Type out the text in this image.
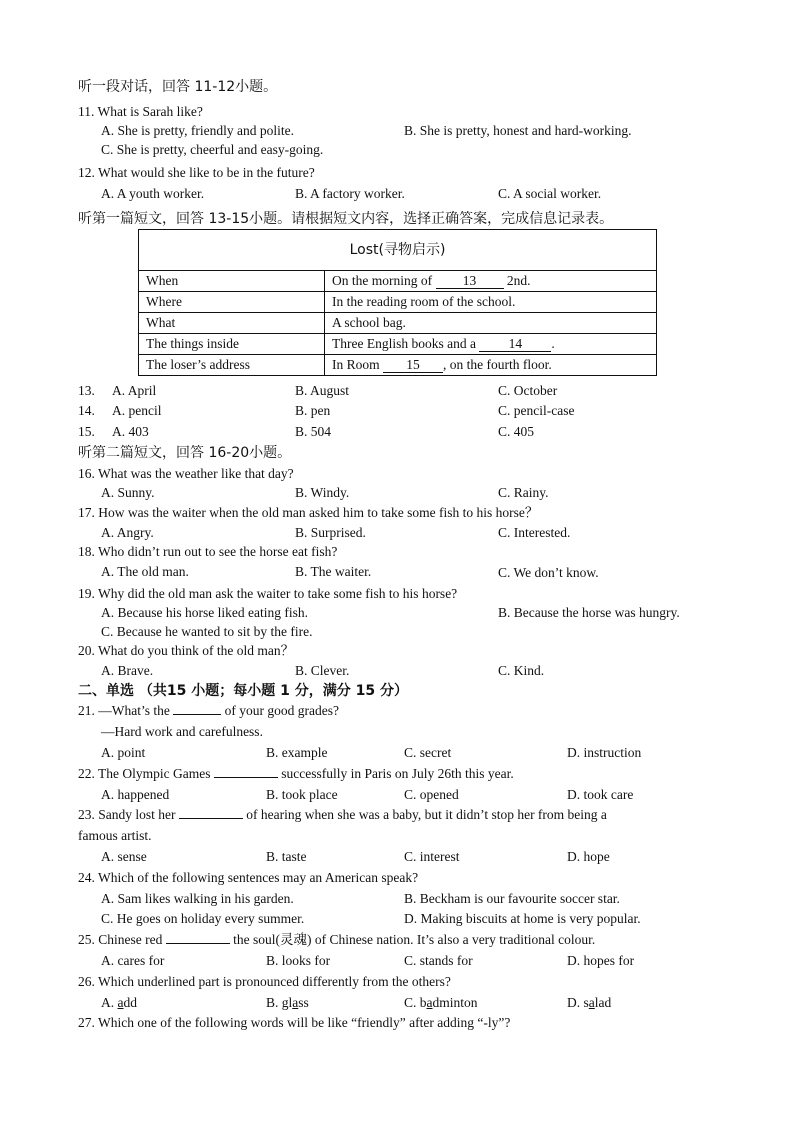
听一段对话，回答 11-12小题。
11. What is Sarah like?
A. She is pretty, friendly and polite.	B. She is pretty, honest and hard-working.
C. She is pretty, cheerful and easy-going.
12. What would she like to be in the future?
A. A youth worker.	B. A factory worker.	C. A social worker.
听第一篇短文，回答 13-15小题。请根据短文内容，选择正确答案，完成信息记录表。
Lost(寻物启示)	
When	On the morning of 13 2nd.
Where	In the reading room of the school.
What	A school bag.
The things inside	Three English books and a 14 .
The loser’s address	In Room 15 , on the fourth floor.
13. A. April	B. August	C. October
14. A. pencil	B. pen	C. pencil-case
15. A. 403	B. 504	C. 405
听第二篇短文，回答 16-20小题。
16. What was the weather like that day?
A. Sunny.	B. Windy.	C. Rainy.
17. How was the waiter when the old man asked him to take some fish to his horse？
A. Angry.	B. Surprised.	C. Interested.
18. Who didn’t run out to see the horse eat fish?
A. The old man.	B. The waiter.	C. We don’t know.
19. Why did the old man ask the waiter to take some fish to his horse?
A. Because his horse liked eating fish.	B. Because the horse was hungry.
C. Because he wanted to sit by the fire.
20. What do you think of the old man？
A. Brave.	B. Clever.	C. Kind.
二、单选 （共15 小题；每小题 1 分，满分 15 分）
21. —What’s the	of your good grades?
—Hard work and carefulness.
A. point	B. example	C. secret	D. instruction
22. The Olympic Games	successfully in Paris on July 26th this year.
A. happened	B. took place	C. opened	D. took care
23. Sandy lost her	of hearing when she was a baby, but it didn’t stop her from being a
famous artist.
A. sense	B. taste	C. interest	D. hope
24. Which of the following sentences may an American speak?
A. Sam likes walking in his garden.	B. Beckham is our favourite soccer star.
C. He goes on holiday every summer.	D. Making biscuits at home is very popular.
25. Chinese red	the soul(灵魂) of Chinese nation. It’s also a very traditional colour.
A. cares for	B. looks for	C. stands for	D. hopes for
26. Which underlined part is pronounced differently from the others?
A. add	B. glass	C. badminton	D. salad
27. Which one of the following words will be like “friendly” after adding “-ly”?
